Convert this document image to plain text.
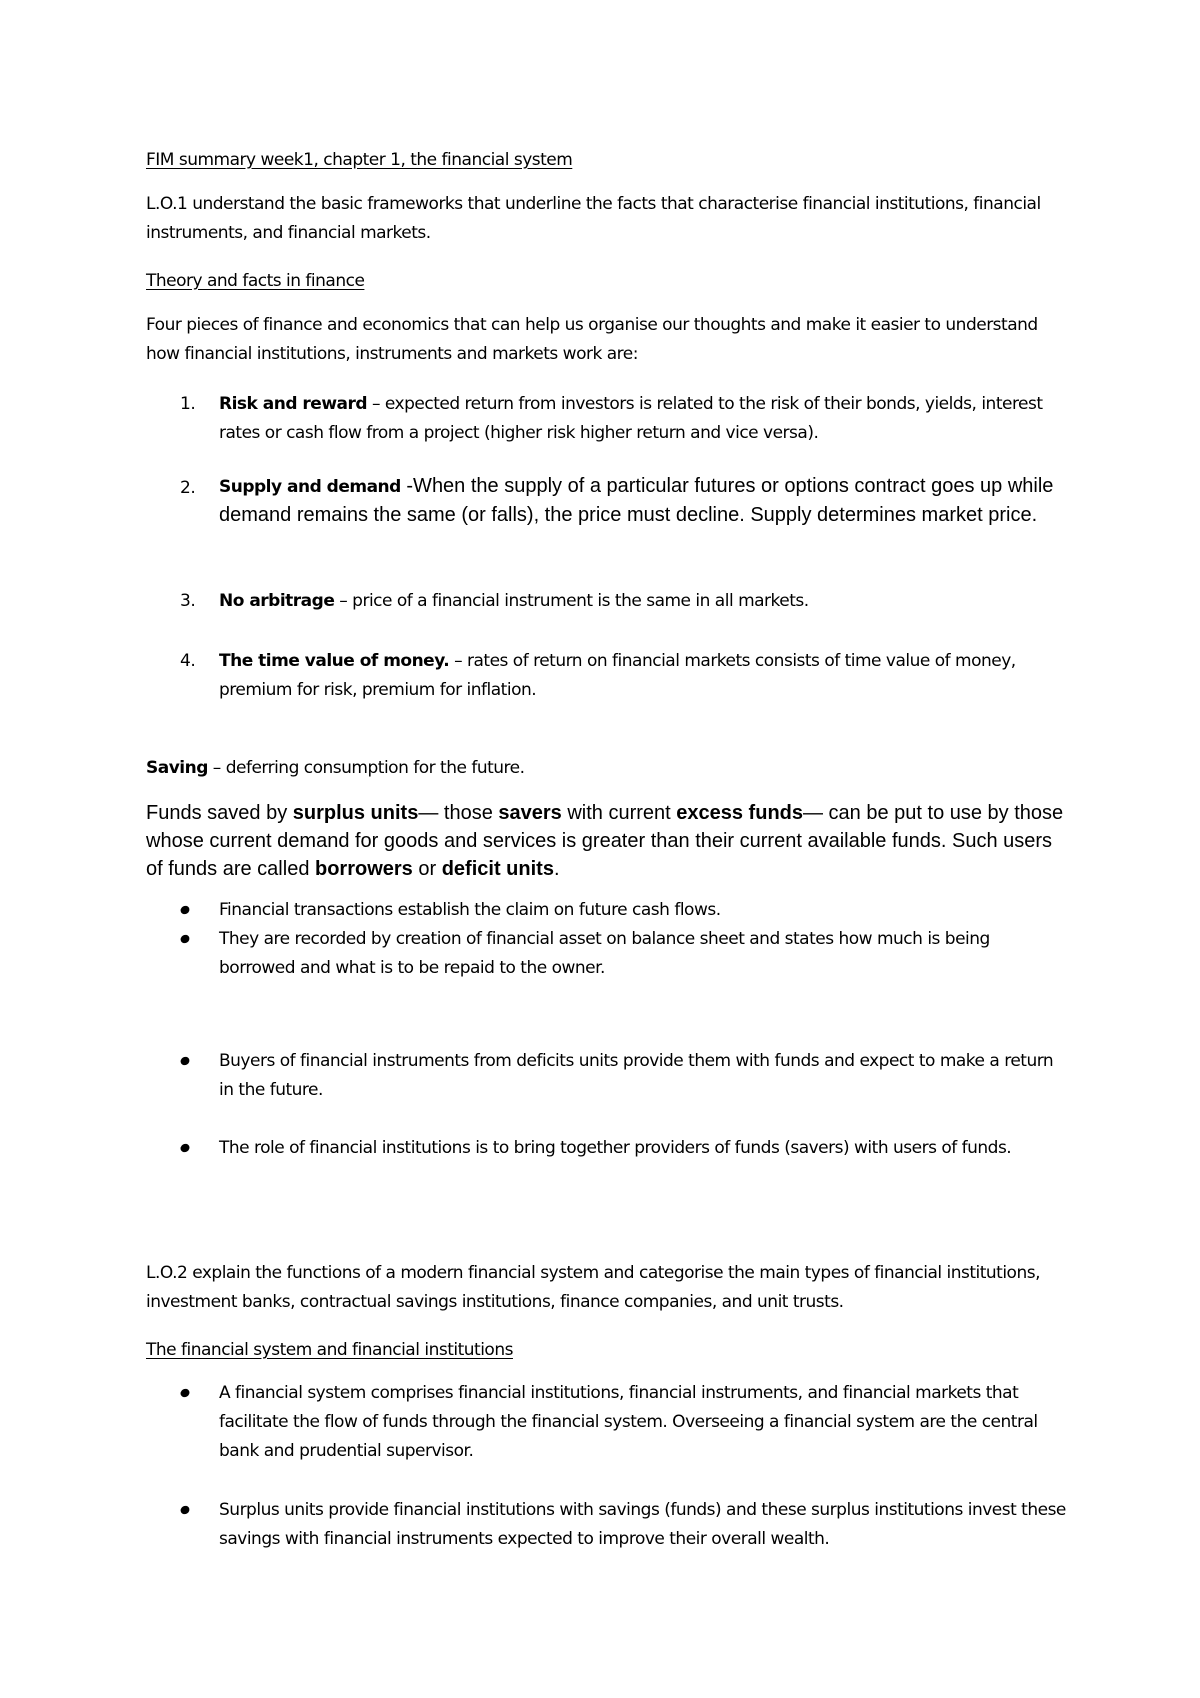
FIM summary week1, chapter 1, the financial system

L.O.1 understand the basic frameworks that underline the facts that characterise financial institutions, financial instruments, and financial markets.

Theory and facts in finance

Four pieces of finance and economics that can help us organise our thoughts and make it easier to understand how financial institutions, instruments and markets work are:

1.	Risk and reward – expected return from investors is related to the risk of their bonds, yields, interest rates or cash flow from a project (higher risk higher return and vice versa).

2.	Supply and demand -When the supply of a particular futures or options contract goes up while demand remains the same (or falls), the price must decline. Supply determines market price.

3.	No arbitrage – price of a financial instrument is the same in all markets.

4.	The time value of money. – rates of return on financial markets consists of time value of money, premium for risk, premium for inflation.

Saving – deferring consumption for the future.

Funds saved by surplus units— those savers with current excess funds— can be put to use by those whose current demand for goods and services is greater than their current available funds. Such users of funds are called borrowers or deficit units.

Financial transactions establish the claim on future cash flows.

They are recorded by creation of financial asset on balance sheet and states how much is being borrowed and what is to be repaid to the owner.

Buyers of financial instruments from deficits units provide them with funds and expect to make a return in the future.

The role of financial institutions is to bring together providers of funds (savers) with users of funds.

L.O.2 explain the functions of a modern financial system and categorise the main types of financial institutions, investment banks, contractual savings institutions, finance companies, and unit trusts.

The financial system and financial institutions

A financial system comprises financial institutions, financial instruments, and financial markets that facilitate the flow of funds through the financial system. Overseeing a financial system are the central bank and prudential supervisor.

Surplus units provide financial institutions with savings (funds) and these surplus institutions invest these savings with financial instruments expected to improve their overall wealth.
